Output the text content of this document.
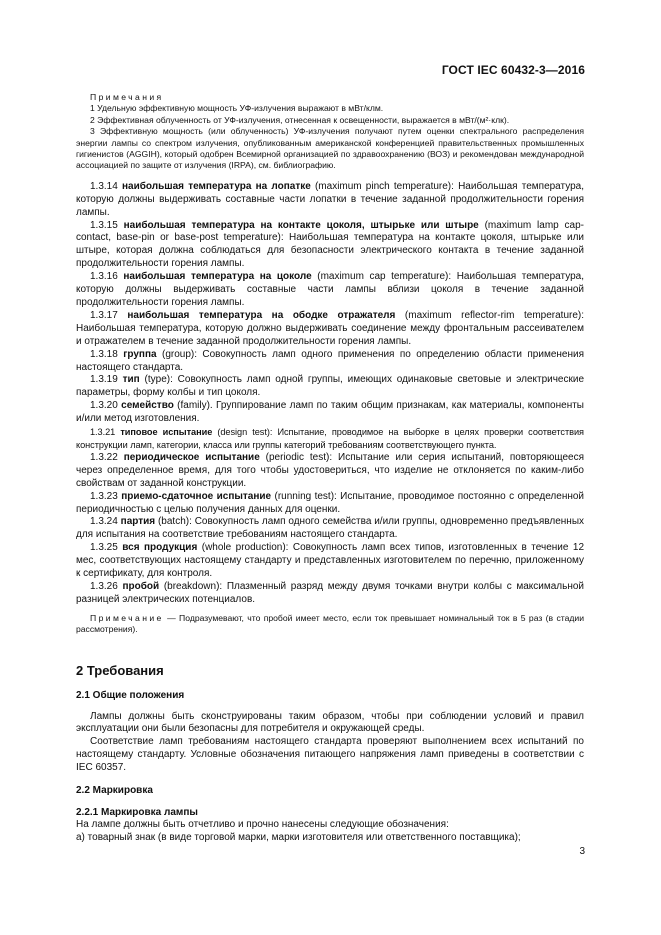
ГОСТ IEC 60432-3—2016
Примечания

1 Удельную эффективную мощность УФ-излучения выражают в мВт/клм.

2 Эффективная облученность от УФ-излучения, отнесенная к освещенности, выражается в мВт/(м²·клк).

3 Эффективную мощность (или облученность) УФ-излучения получают путем оценки спектрального распределения энергии лампы со спектром излучения, опубликованным американской конференцией правительственных промышленных гигиенистов (AGGIH), который одобрен Всемирной организацией по здравоохранению (ВОЗ) и рекомендован международной ассоциацией по защите от излучения (IRPA), см. библиографию.

1.3.14 наибольшая температура на лопатке (maximum pinch temperature): Наибольшая температура, которую должны выдерживать составные части лопатки в течение заданной продолжительности горения лампы.

1.3.15 наибольшая температура на контакте цоколя, штырьке или штыре (maximum lamp cap-contact, base-pin or base-post temperature): Наибольшая температура на контакте цоколя, штырьке или штыре, которая должна соблюдаться для безопасности электрического контакта в течение заданной продолжительности горения лампы.

1.3.16 наибольшая температура на цоколе (maximum cap temperature): Наибольшая температура, которую должны выдерживать составные части лампы вблизи цоколя в течение заданной продолжительности горения лампы.

1.3.17 наибольшая температура на ободке отражателя (maximum reflector-rim temperature): Наибольшая температура, которую должно выдерживать соединение между фронтальным рассеивателем и отражателем в течение заданной продолжительности горения лампы.

1.3.18 группа (group): Совокупность ламп одного применения по определению области применения настоящего стандарта.

1.3.19 тип (type): Совокупность ламп одной группы, имеющих одинаковые световые и электрические параметры, форму колбы и тип цоколя.

1.3.20 семейство (family). Группирование ламп по таким общим признакам, как материалы, компоненты и/или метод изготовления.

1.3.21 типовое испытание (design test): Испытание, проводимое на выборке в целях проверки соответствия конструкции ламп, категории, класса или группы категорий требованиям соответствующего пункта.

1.3.22 периодическое испытание (periodic test): Испытание или серия испытаний, повторяющееся через определенное время, для того чтобы удостовериться, что изделие не отклоняется по каким-либо свойствам от заданной конструкции.

1.3.23 приемо-сдаточное испытание (running test): Испытание, проводимое постоянно с определенной периодичностью с целью получения данных для оценки.

1.3.24 партия (batch): Совокупность ламп одного семейства и/или группы, одновременно предъявленных для испытания на соответствие требованиям настоящего стандарта.

1.3.25 вся продукция (whole production): Совокупность ламп всех типов, изготовленных в течение 12 мес, соответствующих настоящему стандарту и представленных изготовителем по перечню, приложенному к сертификату, для контроля.

1.3.26 пробой (breakdown): Плазменный разряд между двумя точками внутри колбы с максимальной разницей электрических потенциалов.

Примечание — Подразумевают, что пробой имеет место, если ток превышает номинальный ток в 5 раз (в стадии рассмотрения).
2 Требования
2.1 Общие положения

Лампы должны быть сконструированы таким образом, чтобы при соблюдении условий и правил эксплуатации они были безопасны для потребителя и окружающей среды.

Соответствие ламп требованиям настоящего стандарта проверяют выполнением всех испытаний по настоящему стандарту. Условные обозначения питающего напряжения ламп приведены в соответствии с IEC 60357.

2.2 Маркировка
2.2.1 Маркировка лампы

На лампе должны быть отчетливо и прочно нанесены следующие обозначения:

а) товарный знак (в виде торговой марки, марки изготовителя или ответственного поставщика);

3
